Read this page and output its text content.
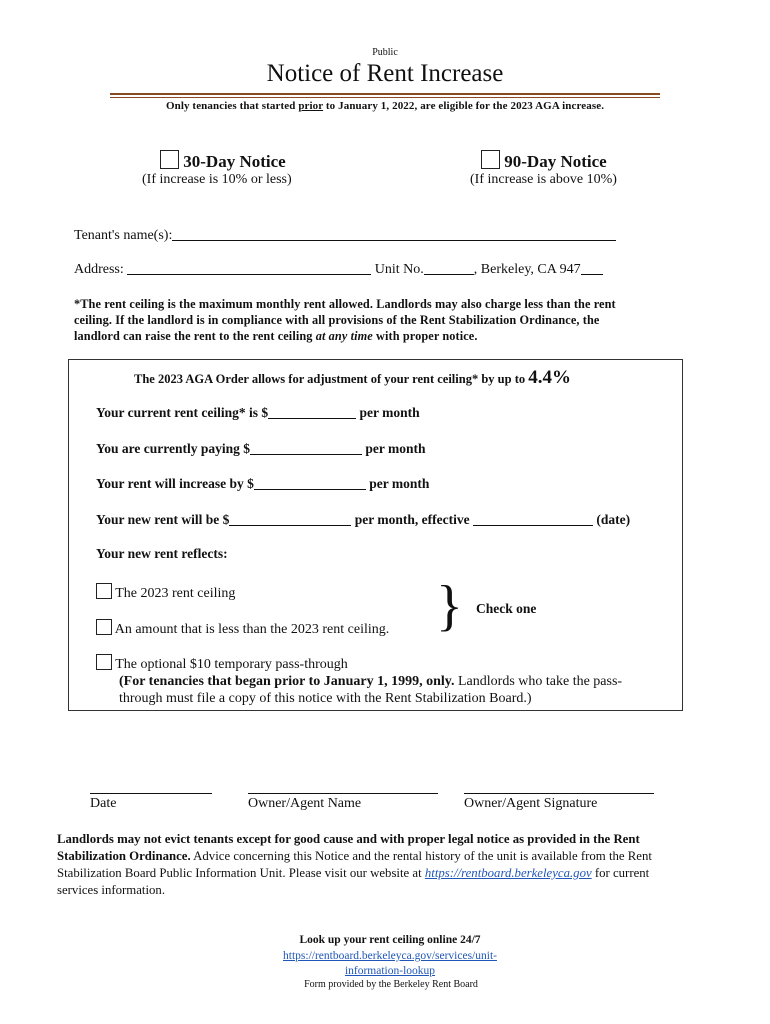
Public
Notice of Rent Increase
Only tenancies that started prior to January 1, 2022, are eligible for the 2023 AGA increase.
30-Day Notice
(If increase is 10% or less)
90-Day Notice
(If increase is above 10%)
Tenant's name(s):
Address:	Unit No.	, Berkeley, CA 947
*The rent ceiling is the maximum monthly rent allowed. Landlords may also charge less than the rent
ceiling. If the landlord is in compliance with all provisions of the Rent Stabilization Ordinance, the
landlord can raise the rent to the rent ceiling at any time with proper notice.
The 2023 AGA Order allows for adjustment of your rent ceiling* by up to 4.4%
Your current rent ceiling* is $	per month
You are currently paying $	per month
Your rent will increase by $	per month
Your new rent will be $	per month, effective	(date)
Your new rent reflects:
The 2023 rent ceiling
An amount that is less than the 2023 rent ceiling. } Check one
The optional $10 temporary pass-through
(For tenancies that began prior to January 1, 1999, only. Landlords who take the pass-
through must file a copy of this notice with the Rent Stabilization Board.)
Date	Owner/Agent Name	Owner/Agent Signature
Landlords may not evict tenants except for good cause and with proper legal notice as provided in the Rent
Stabilization Ordinance. Advice concerning this Notice and the rental history of the unit is available from the Rent
Stabilization Board Public Information Unit. Please visit our website at https://rentboard.berkeleyca.gov for current
services information.
Look up your rent ceiling online 24/7
https://rentboard.berkeleyca.gov/services/unit-
information-lookup
Form provided by the Berkeley Rent Board
